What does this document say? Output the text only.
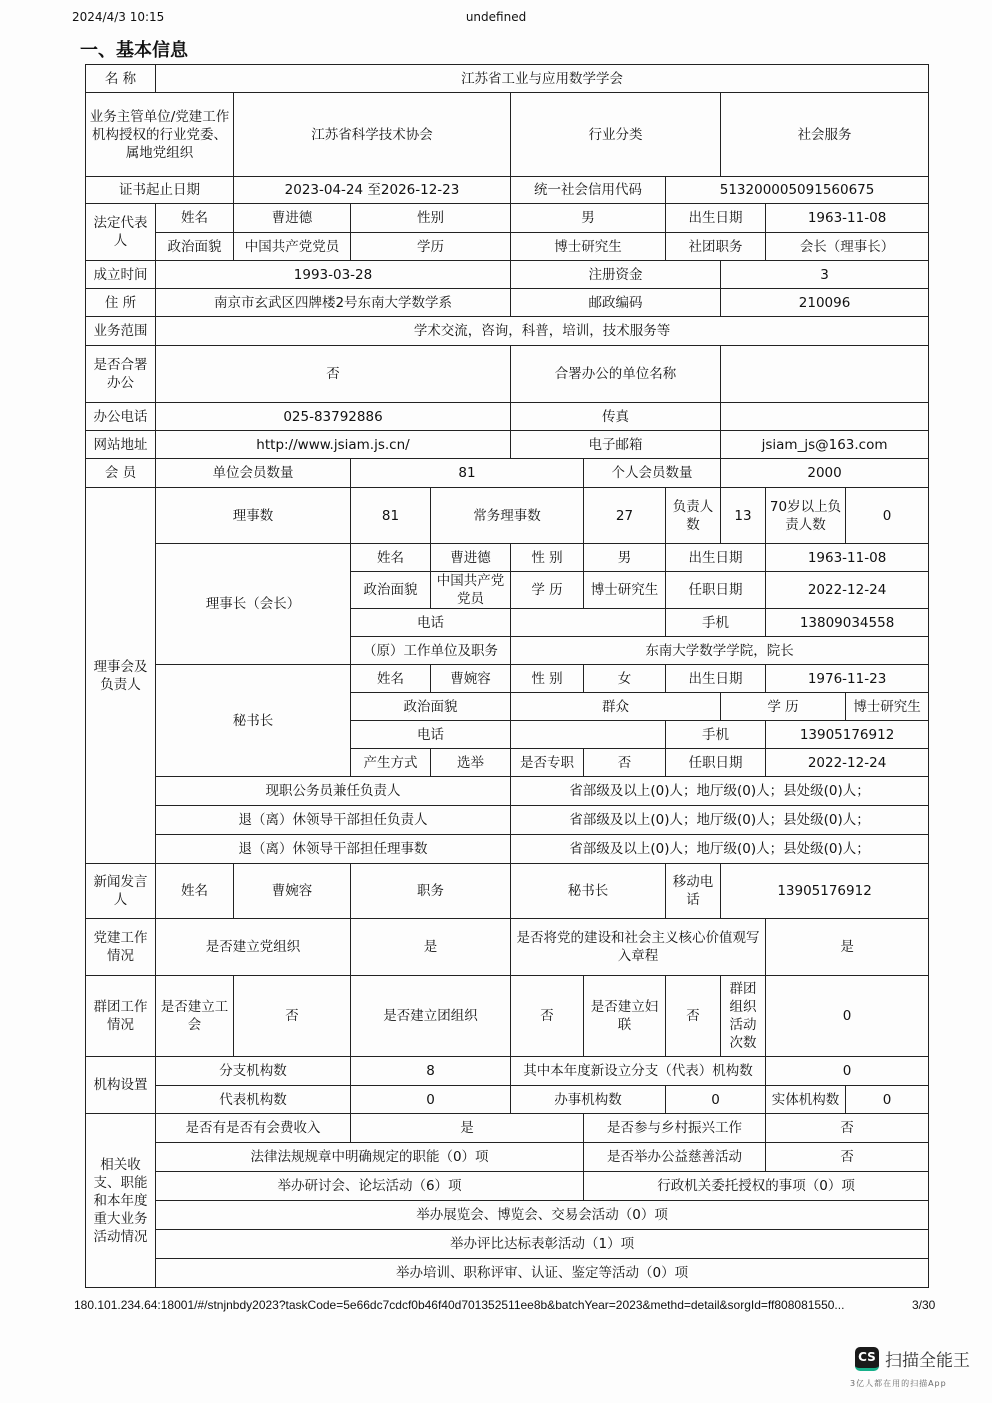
2024/4/3 10:15	undefined
一、基本信息
名 称	江苏省工业与应用数学学会									
业务主管单位/党建工作机构授权的行业党委、属地党组织		江苏省科学技术协会			行业分类			社会服务		
证书起止日期		2023-04-24 至2026-12-23			统一社会信用代码		513200005091560675			
法定代表人	姓名	曹进德	性别		男		出生日期		1963-11-08	
	政治面貌	中国共产党党员	学历		博士研究生		社团职务		会长（理事长）	
成立时间	1993-03-28				注册资金			3		
住 所	南京市玄武区四牌楼2号东南大学数学系				邮政编码			210096		
业务范围	学术交流，咨询，科普，培训，技术服务等									
是否合署办公	否				合署办公的单位名称					
办公电话	025-83792886				传真					
网站地址	http://www.jsiam.js.cn/				电子邮箱			jsiam_js@163.com		
会 员	单位会员数量		81			个人会员数量		2000		
理事会及负责人	理事数		81	常务理事数		27	负责人数	13	70岁以上负责人数	0
	理事长（会长）		姓名	曹进德	性 别	男	出生日期		1963-11-08	
			政治面貌	中国共产党党员	学 历	博士研究生	任职日期		2022-12-24	
			电话				手机		13809034558	
			（原）工作单位及职务		东南大学数学学院，院长					
	秘书长		姓名	曹婉容	性 别	女	出生日期		1976-11-23	
			政治面貌		群众			学 历		博士研究生
			电话				手机		13905176912	
			产生方式	选举	是否专职	否	任职日期		2022-12-24	
	现职公务员兼任负责人				省部级及以上(0)人；地厅级(0)人；县处级(0)人；					
	退（离）休领导干部担任负责人				省部级及以上(0)人；地厅级(0)人；县处级(0)人；					
	退（离）休领导干部担任理事数				省部级及以上(0)人；地厅级(0)人；县处级(0)人；					
新闻发言人	姓名	曹婉容	职务		秘书长		移动电话	13905176912		
党建工作情况	是否建立党组织		是		是否将党的建设和社会主义核心价值观写入章程				是	
群团工作情况	是否建立工会	否	是否建立团组织		否	是否建立妇联	否	群团组织活动次数	0	
机构设置	分支机构数		8		其中本年度新设立分支（代表）机构数				0	
	代表机构数		0		办事机构数		0		实体机构数	0
相关收支、职能和本年度重大业务活动情况	是否有是否有会费收入		是			是否参与乡村振兴工作			否	
	法律法规规章中明确规定的职能（0）项					是否举办公益慈善活动			否	
	举办研讨会、论坛活动（6）项					行政机关委托授权的事项（0）项				
	举办展览会、博览会、交易会活动（0）项									
	举办评比达标表彰活动（1）项									
	举办培训、职称评审、认证、鉴定等活动（0）项									
180.101.234.64:18001/#/stnjnbdy2023?taskCode=5e66dc7cdcf0b46f40d701352511ee8b&batchYear=2023&methd=detail&sorgId=ff808081550...	3/30
CS 扫描全能王
3亿人都在用的扫描App
